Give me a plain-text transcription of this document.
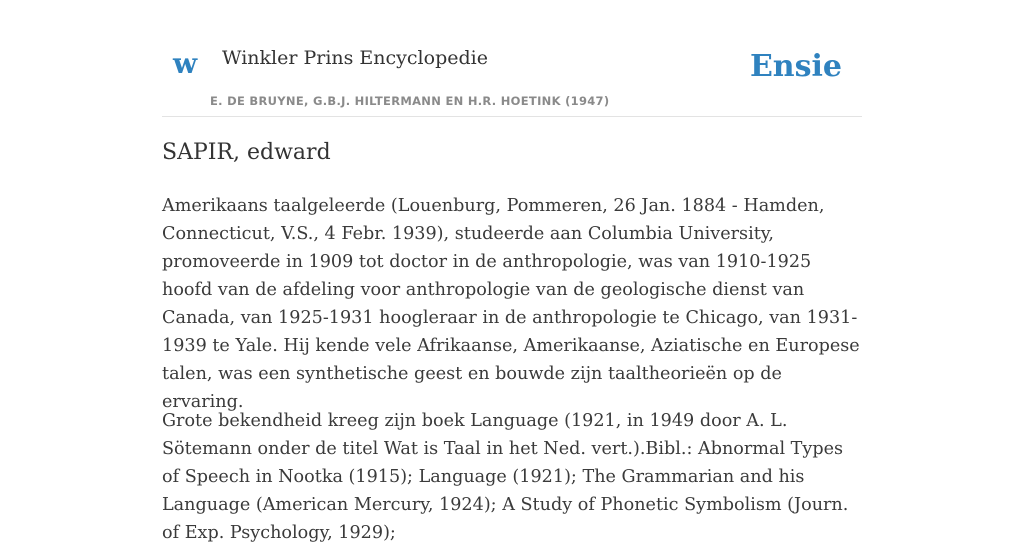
w Winkler Prins Encyclopedie
E. DE BRUYNE, G.B.J. HILTERMANN EN H.R. HOETINK (1947)
Ensie
SAPIR, edward

Amerikaans taalgeleerde (Louenburg, Pommeren, 26 Jan. 1884 - Hamden, Connecticut, V.S., 4 Febr. 1939), studeerde aan Columbia University, promoveerde in 1909 tot doctor in de anthropologie, was van 1910-1925 hoofd van de afdeling voor anthropologie van de geologische dienst van Canada, van 1925-1931 hoogleraar in de anthropologie te Chicago, van 1931-1939 te Yale. Hij kende vele Afrikaanse, Amerikaanse, Aziatische en Europese talen, was een synthetische geest en bouwde zijn taaltheorieën op de ervaring.

Grote bekendheid kreeg zijn boek Language (1921, in 1949 door A. L. Sötemann onder de titel Wat is Taal in het Ned. vert.).Bibl.: Abnormal Types of Speech in Nootka (1915); Language (1921); The Grammarian and his Language (American Mercury, 1924); A Study of Phonetic Symbolism (Journ. of Exp. Psychology, 1929);
